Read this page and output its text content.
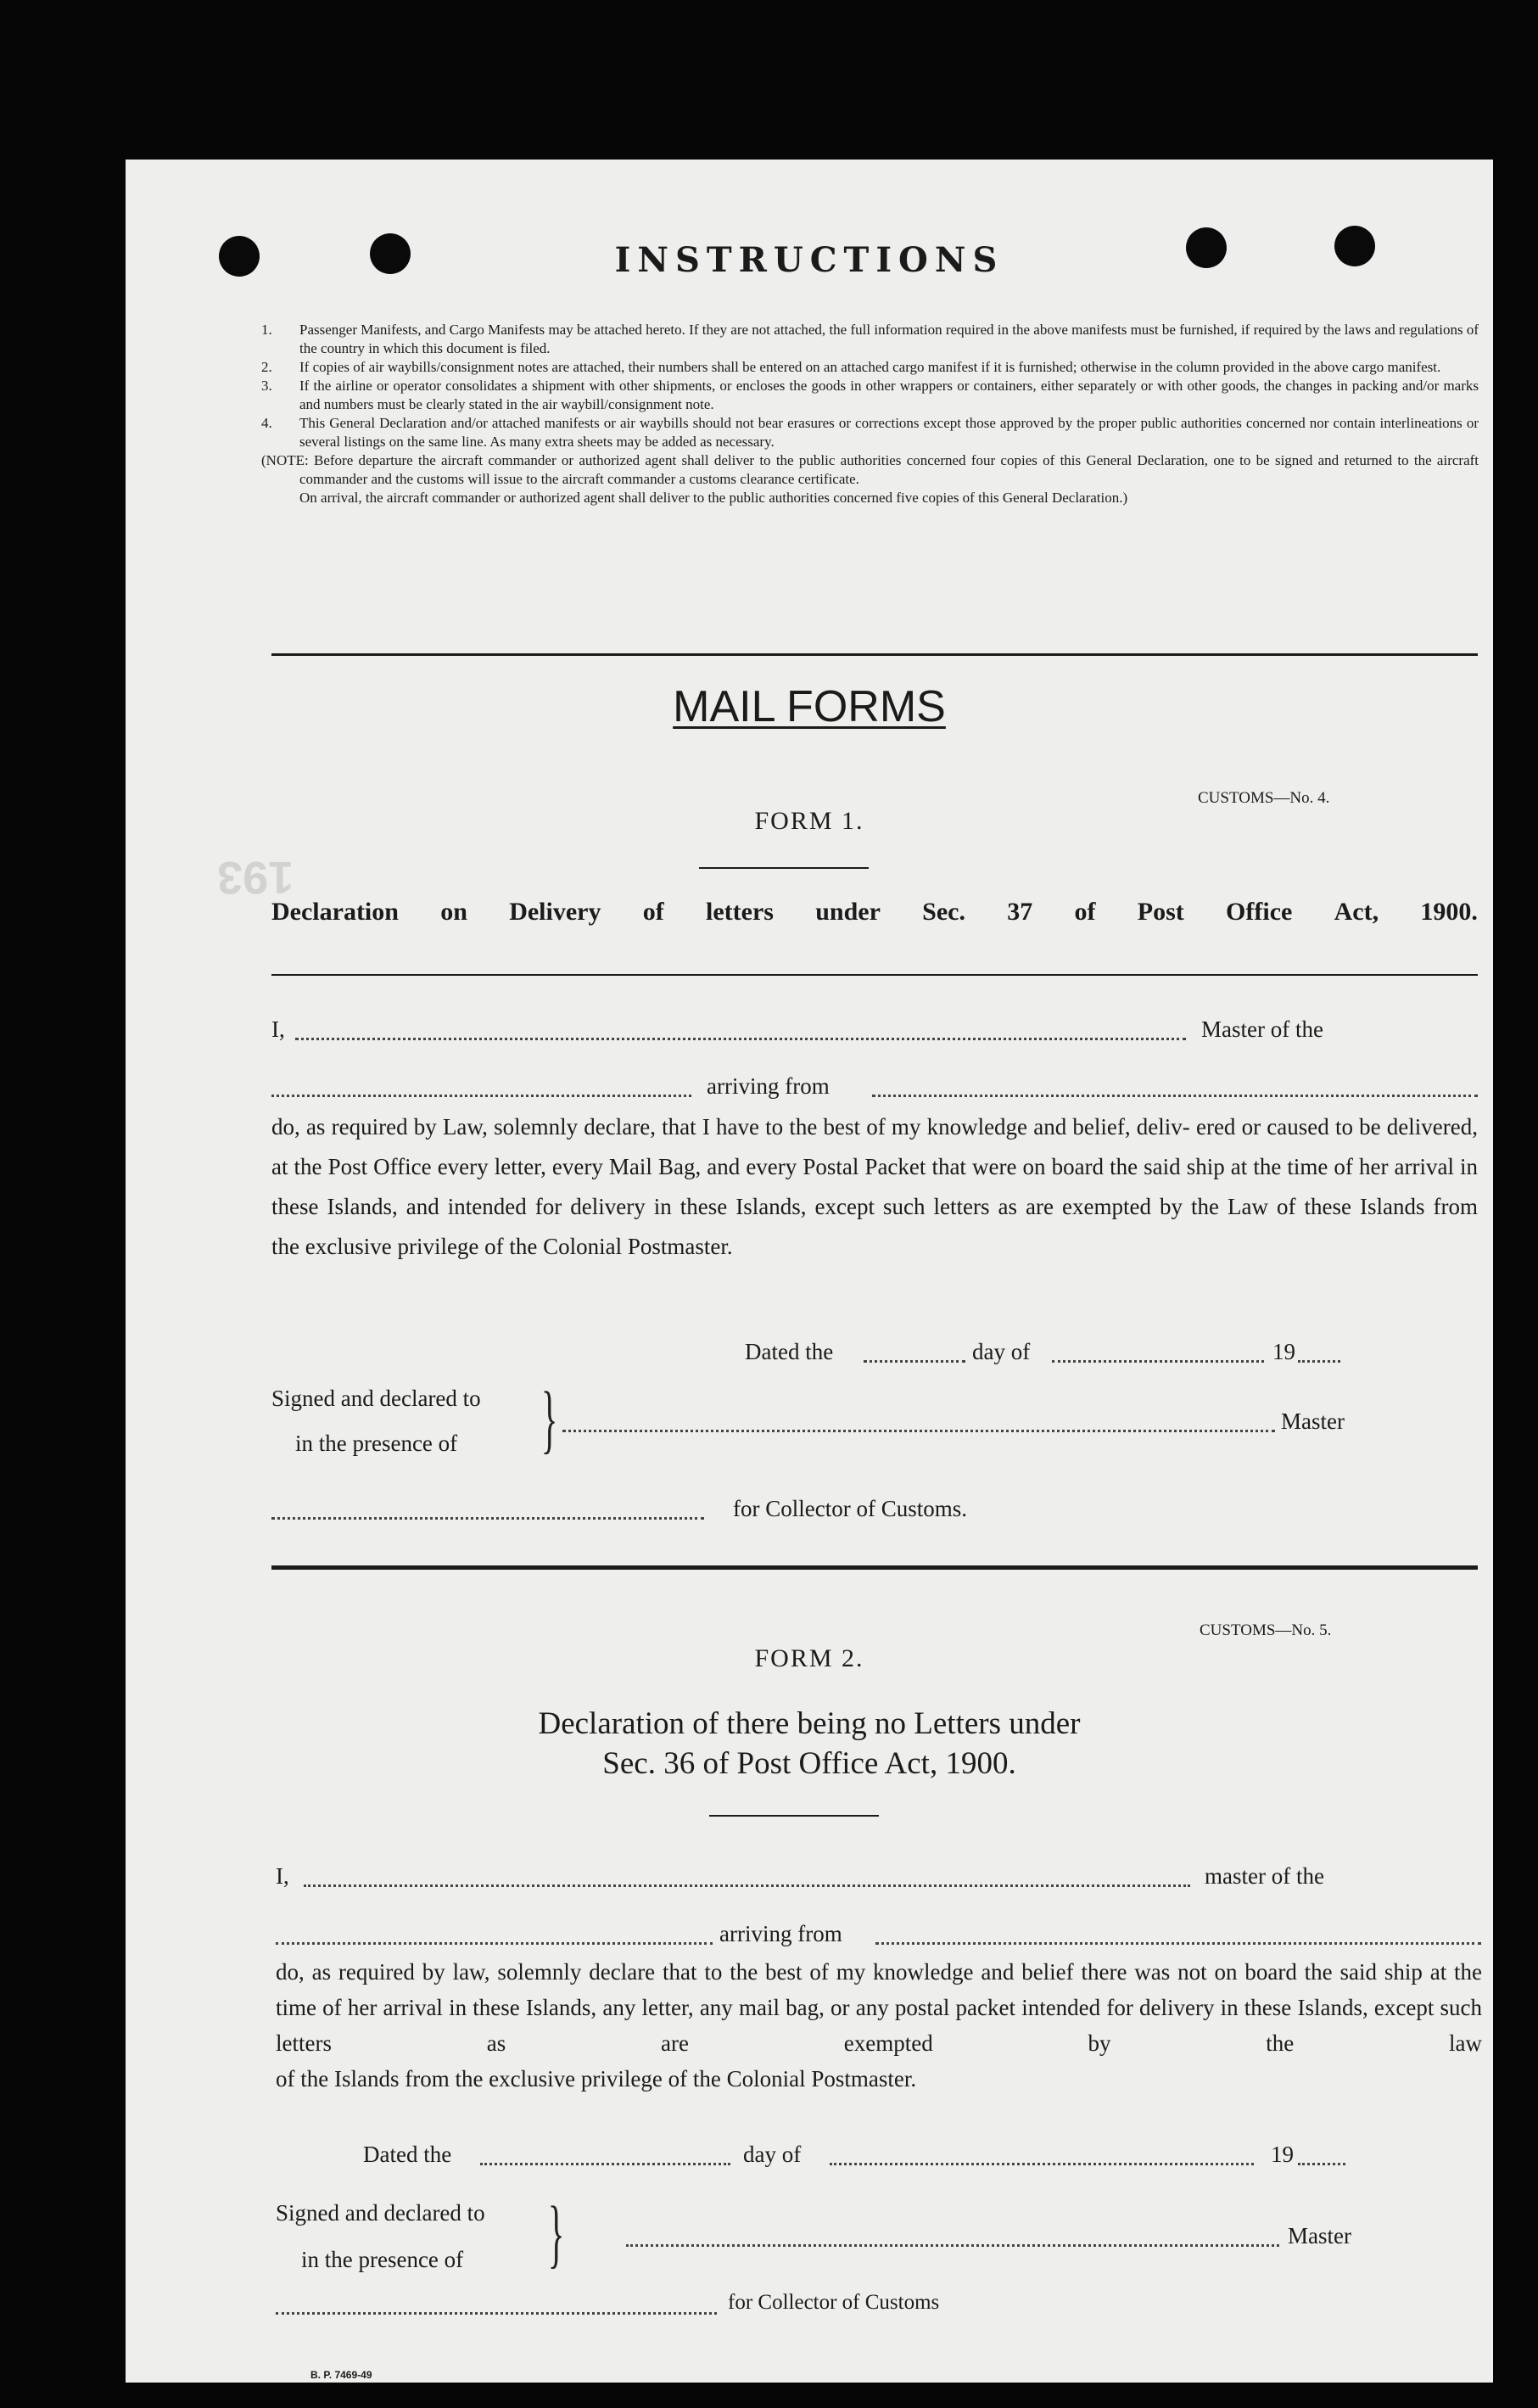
193
INSTRUCTIONS
1. Passenger Manifests, and Cargo Manifests may be attached hereto. If they are not attached, the full information required in the above manifests must be furnished, if required by the laws and regulations of the country in which this document is filed.
2. If copies of air waybills/consignment notes are attached, their numbers shall be entered on an attached cargo manifest if it is furnished; otherwise in the column provided in the above cargo manifest.
3. If the airline or operator consolidates a shipment with other shipments, or encloses the goods in other wrappers or containers, either separately or with other goods, the changes in packing and/or marks and numbers must be clearly stated in the air waybill/consignment note.
4. This General Declaration and/or attached manifests or air waybills should not bear erasures or corrections except those approved by the proper public authorities concerned nor contain interlineations or several listings on the same line. As many extra sheets may be added as necessary.
(NOTE: Before departure the aircraft commander or authorized agent shall deliver to the public authorities concerned four copies of this General Declaration, one to be signed and returned to the aircraft commander and the customs will issue to the aircraft commander a customs clearance certificate.
On arrival, the aircraft commander or authorized agent shall deliver to the public authorities concerned five copies of this General Declaration.)
MAIL FORMS
CUSTOMS—No. 4.
FORM 1.
Declaration on Delivery of letters under Sec. 37 of Post Office Act, 1900.
I,	Master of the
arriving from
do, as required by Law, solemnly declare, that I have to the best of my knowledge and belief, deliv- ered or caused to be delivered, at the Post Office every letter, every Mail Bag, and every Postal Packet that were on board the said ship at the time of her arrival in these Islands, and intended for delivery in these Islands, except such letters as are exempted by the Law of these Islands from
the exclusive privilege of the Colonial Postmaster.
Dated the	day of	19
Signed and declared to
in the presence of }	Master
for Collector of Customs.
CUSTOMS—No. 5.
FORM 2.
Declaration of there being no Letters under
Sec. 36 of Post Office Act, 1900.
I,	master of the
arriving from
do, as required by law, solemnly declare that to the best of my knowledge and belief there was not on board the said ship at the time of her arrival in these Islands, any letter, any mail bag, or any postal packet intended for delivery in these Islands, except such letters as are exempted by the law
of the Islands from the exclusive privilege of the Colonial Postmaster.
Dated the	day of	19
Signed and declared to
in the presence of }	Master
for Collector of Customs
B. P. 7469-49
